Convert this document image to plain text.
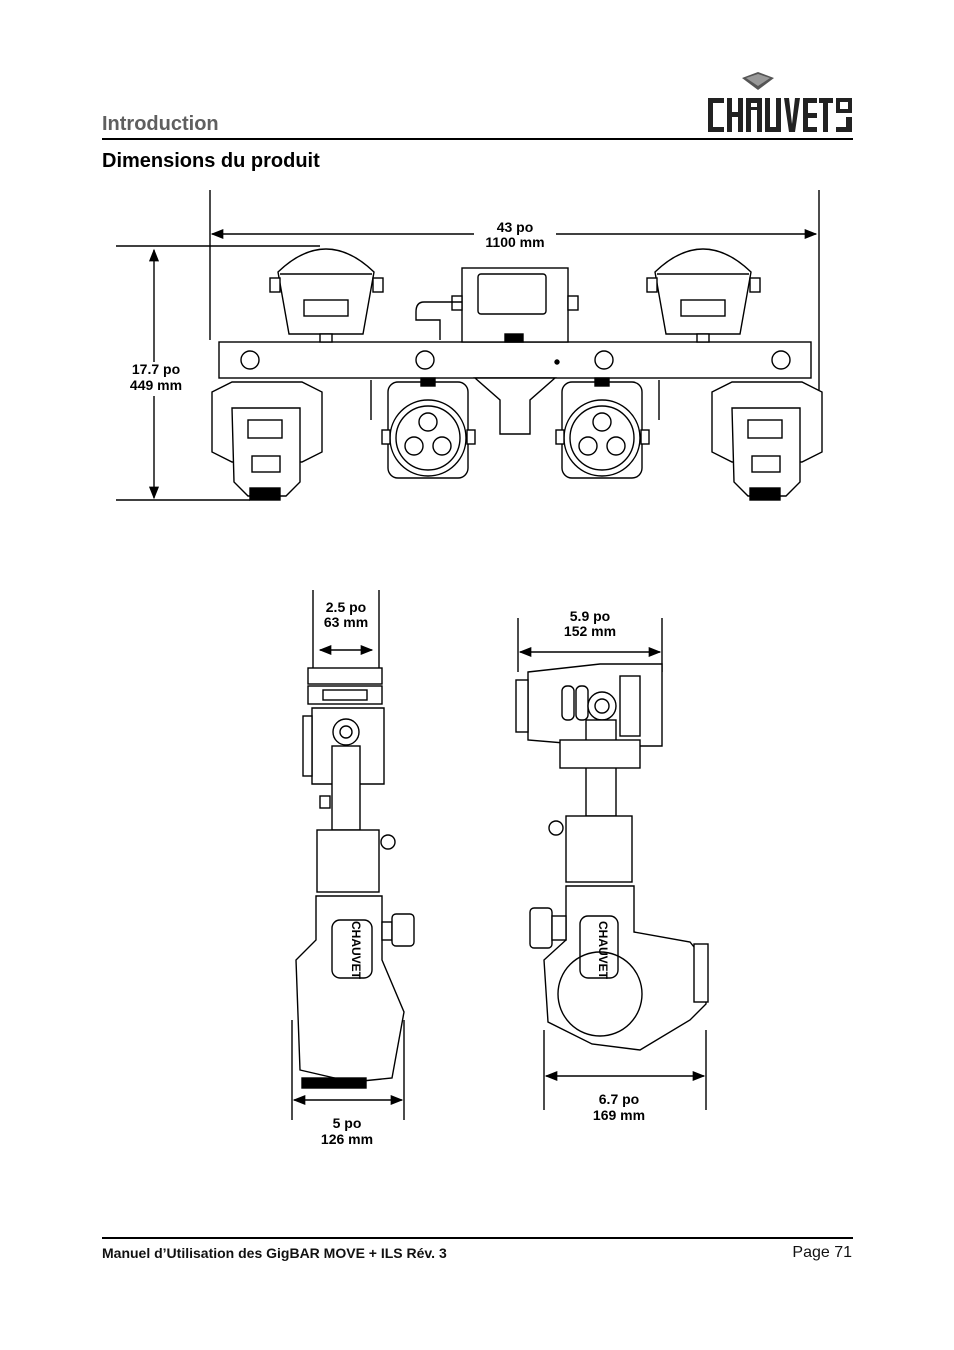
Introduction
Dimensions du produit
43 po
1100 mm
17.7 po
449 mm
CHAUVET
2.5 po
63 mm
5 po
126 mm
CHAUVET
5.9 po
152 mm
6.7 po
169 mm
Manuel d’Utilisation des GigBAR MOVE + ILS Rév. 3	Page 71
